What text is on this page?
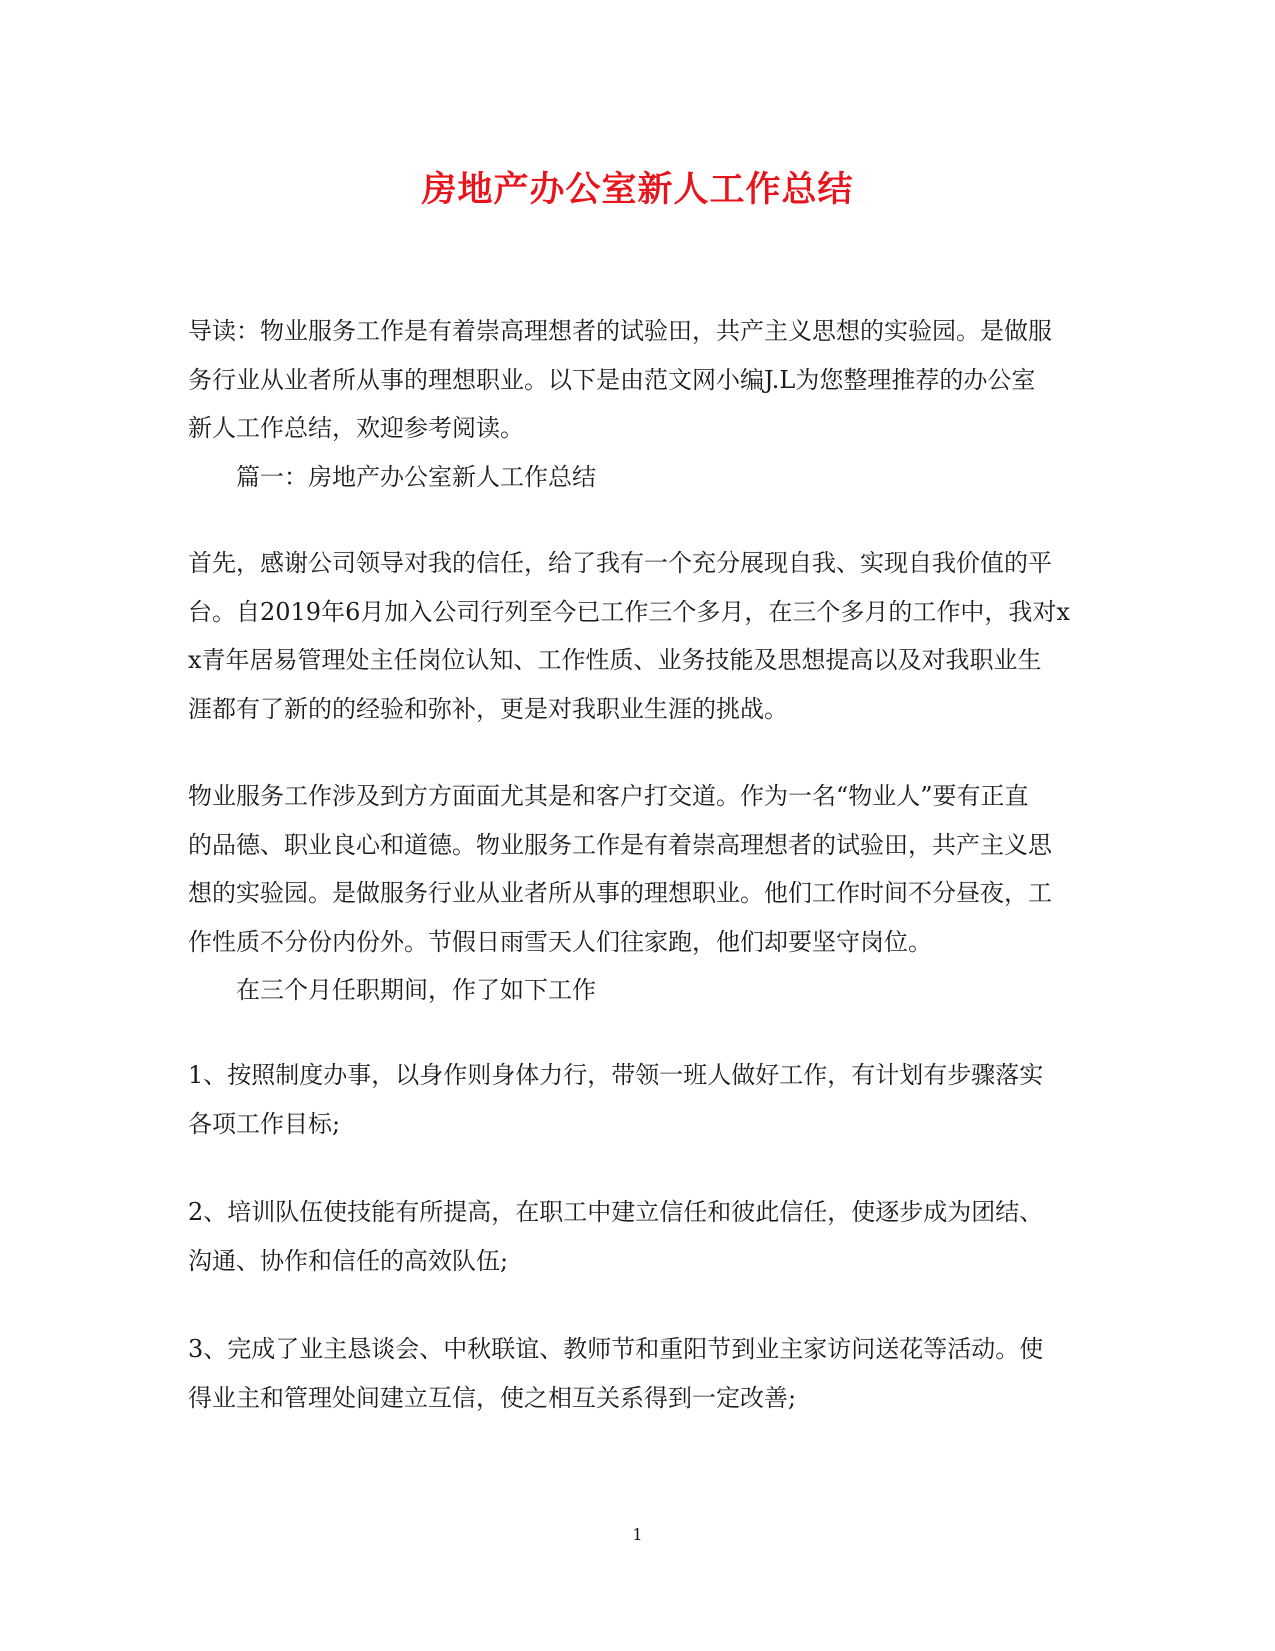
房地产办公室新人工作总结
导读：物业服务工作是有着崇高理想者的试验田，共产主义思想的实验园。是做服
务行业从业者所从事的理想职业。以下是由范文网小编J.L为您整理推荐的办公室
新人工作总结，欢迎参考阅读。
篇一：房地产办公室新人工作总结
首先，感谢公司领导对我的信任，给了我有一个充分展现自我、实现自我价值的平
台。自2019年6月加入公司行列至今已工作三个多月，在三个多月的工作中，我对x
x青年居易管理处主任岗位认知、工作性质、业务技能及思想提高以及对我职业生
涯都有了新的的经验和弥补，更是对我职业生涯的挑战。
物业服务工作涉及到方方面面尤其是和客户打交道。作为一名“物业人”要有正直
的品德、职业良心和道德。物业服务工作是有着崇高理想者的试验田，共产主义思
想的实验园。是做服务行业从业者所从事的理想职业。他们工作时间不分昼夜，工
作性质不分份内份外。节假日雨雪天人们往家跑，他们却要坚守岗位。
在三个月任职期间，作了如下工作
1、按照制度办事，以身作则身体力行，带领一班人做好工作，有计划有步骤落实
各项工作目标;
2、培训队伍使技能有所提高，在职工中建立信任和彼此信任，使逐步成为团结、
沟通、协作和信任的高效队伍;
3、完成了业主恳谈会、中秋联谊、教师节和重阳节到业主家访问送花等活动。使
得业主和管理处间建立互信，使之相互关系得到一定改善;
1
